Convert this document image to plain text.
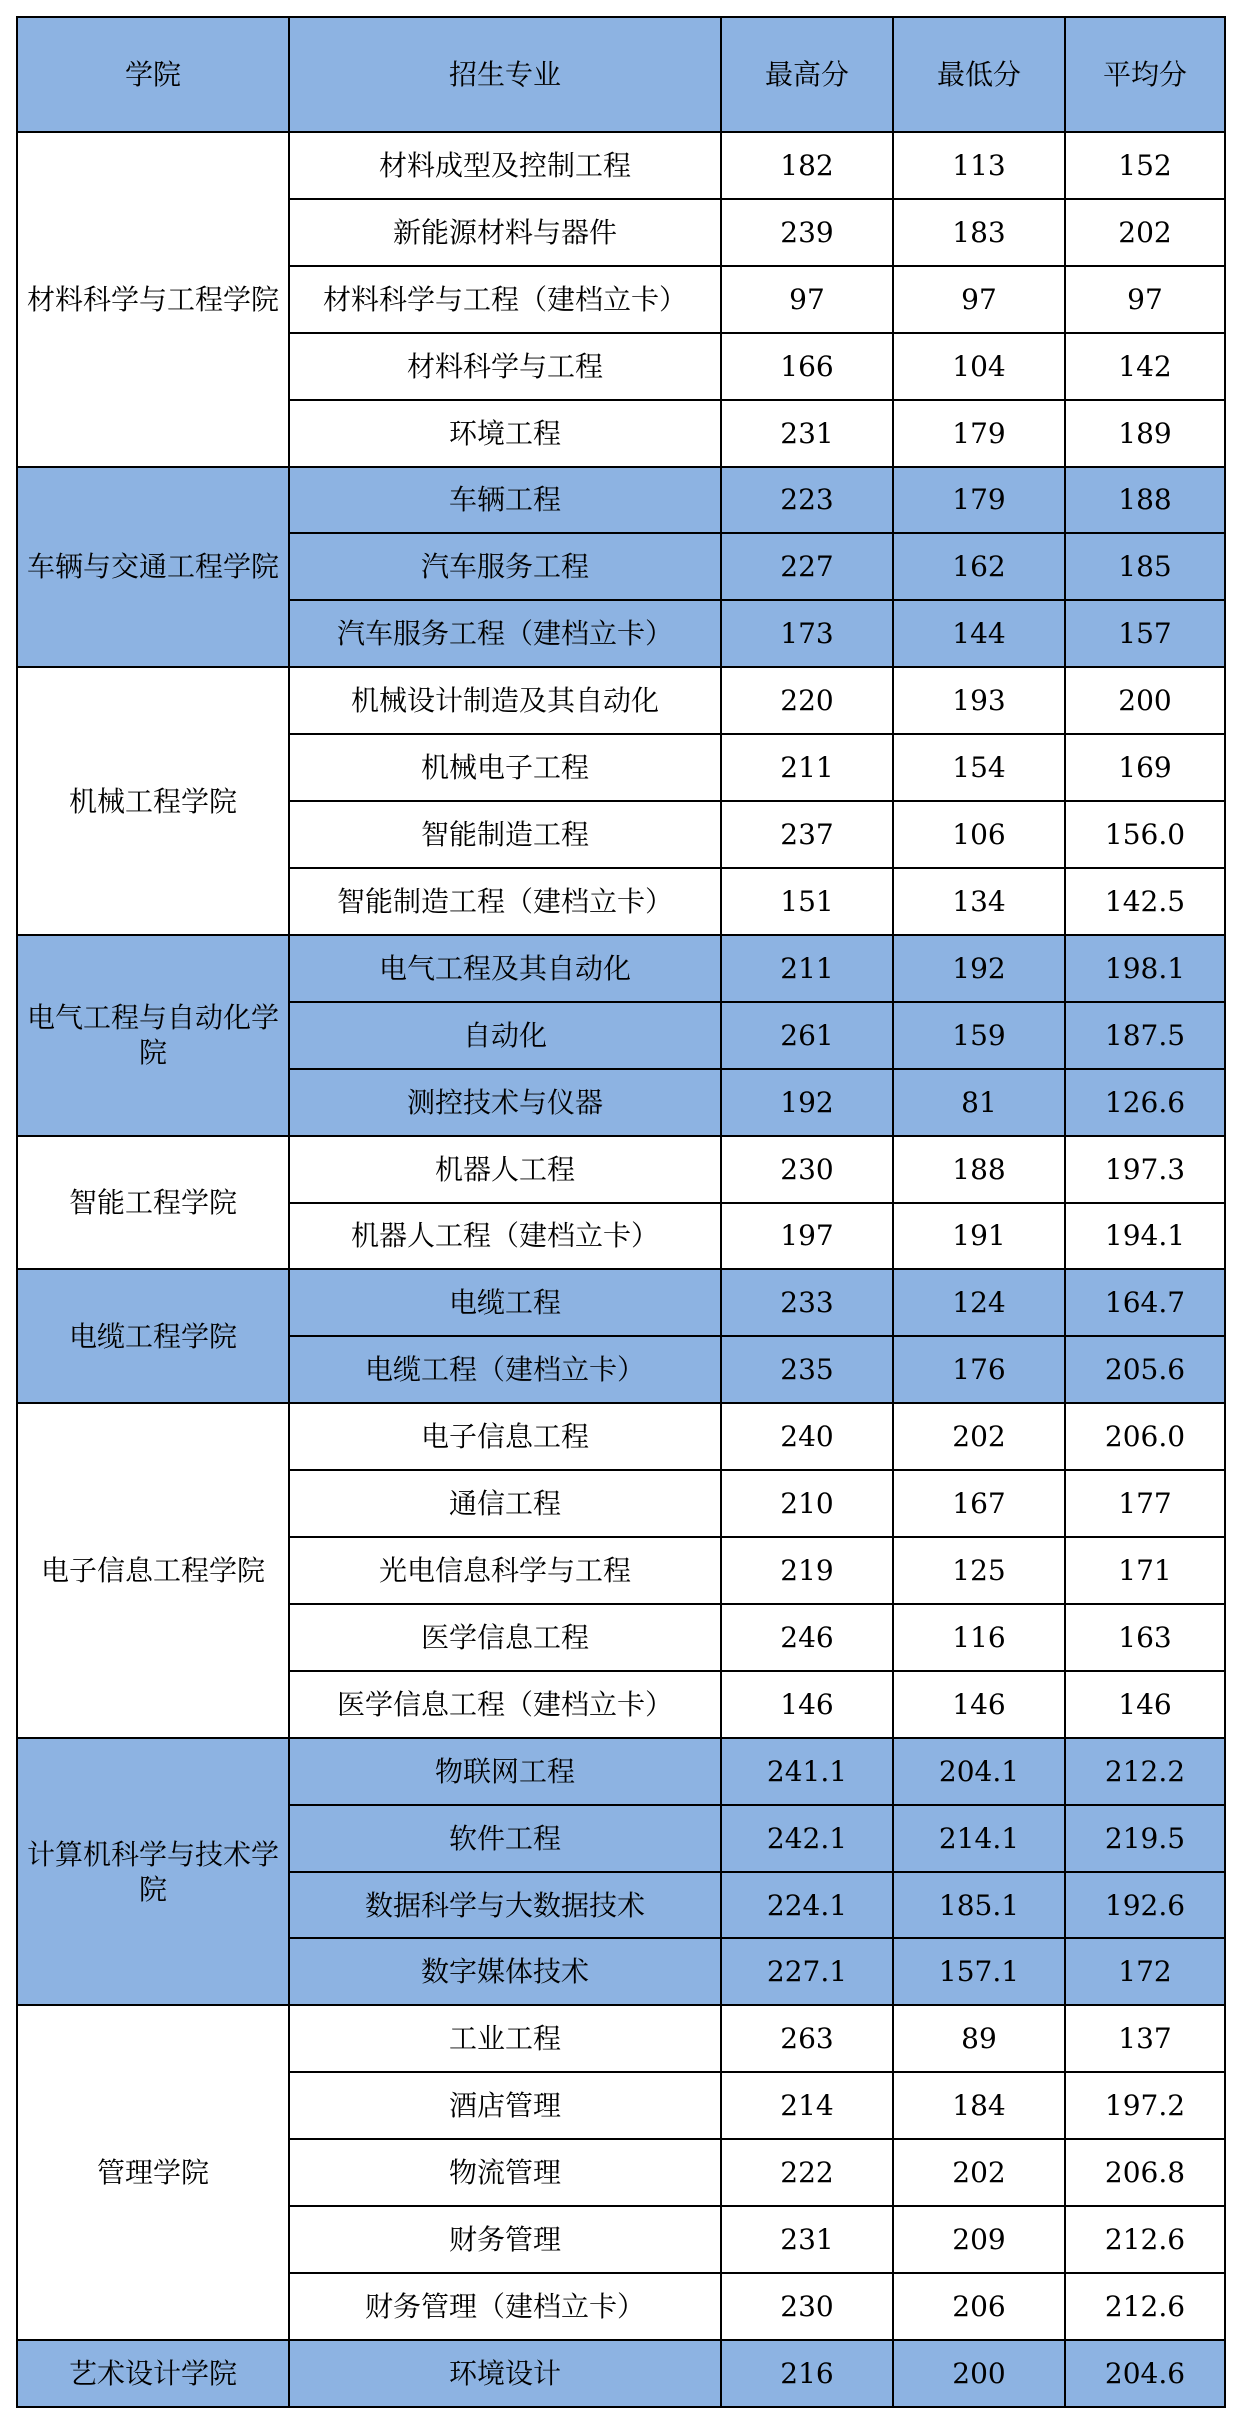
学院	招生专业	最高分	最低分	平均分
材料科学与工程学院	材料成型及控制工程	182	113	152
	新能源材料与器件	239	183	202
	材料科学与工程（建档立卡）	97	97	97
	材料科学与工程	166	104	142
	环境工程	231	179	189
车辆与交通工程学院	车辆工程	223	179	188
	汽车服务工程	227	162	185
	汽车服务工程（建档立卡）	173	144	157
机械工程学院	机械设计制造及其自动化	220	193	200
	机械电子工程	211	154	169
	智能制造工程	237	106	156.0
	智能制造工程（建档立卡）	151	134	142.5
电气工程与自动化学院	电气工程及其自动化	211	192	198.1
	自动化	261	159	187.5
	测控技术与仪器	192	81	126.6
智能工程学院	机器人工程	230	188	197.3
	机器人工程（建档立卡）	197	191	194.1
电缆工程学院	电缆工程	233	124	164.7
	电缆工程（建档立卡）	235	176	205.6
电子信息工程学院	电子信息工程	240	202	206.0
	通信工程	210	167	177
	光电信息科学与工程	219	125	171
	医学信息工程	246	116	163
	医学信息工程（建档立卡）	146	146	146
计算机科学与技术学院	物联网工程	241.1	204.1	212.2
	软件工程	242.1	214.1	219.5
	数据科学与大数据技术	224.1	185.1	192.6
	数字媒体技术	227.1	157.1	172
管理学院	工业工程	263	89	137
	酒店管理	214	184	197.2
	物流管理	222	202	206.8
	财务管理	231	209	212.6
	财务管理（建档立卡）	230	206	212.6
艺术设计学院	环境设计	216	200	204.6
